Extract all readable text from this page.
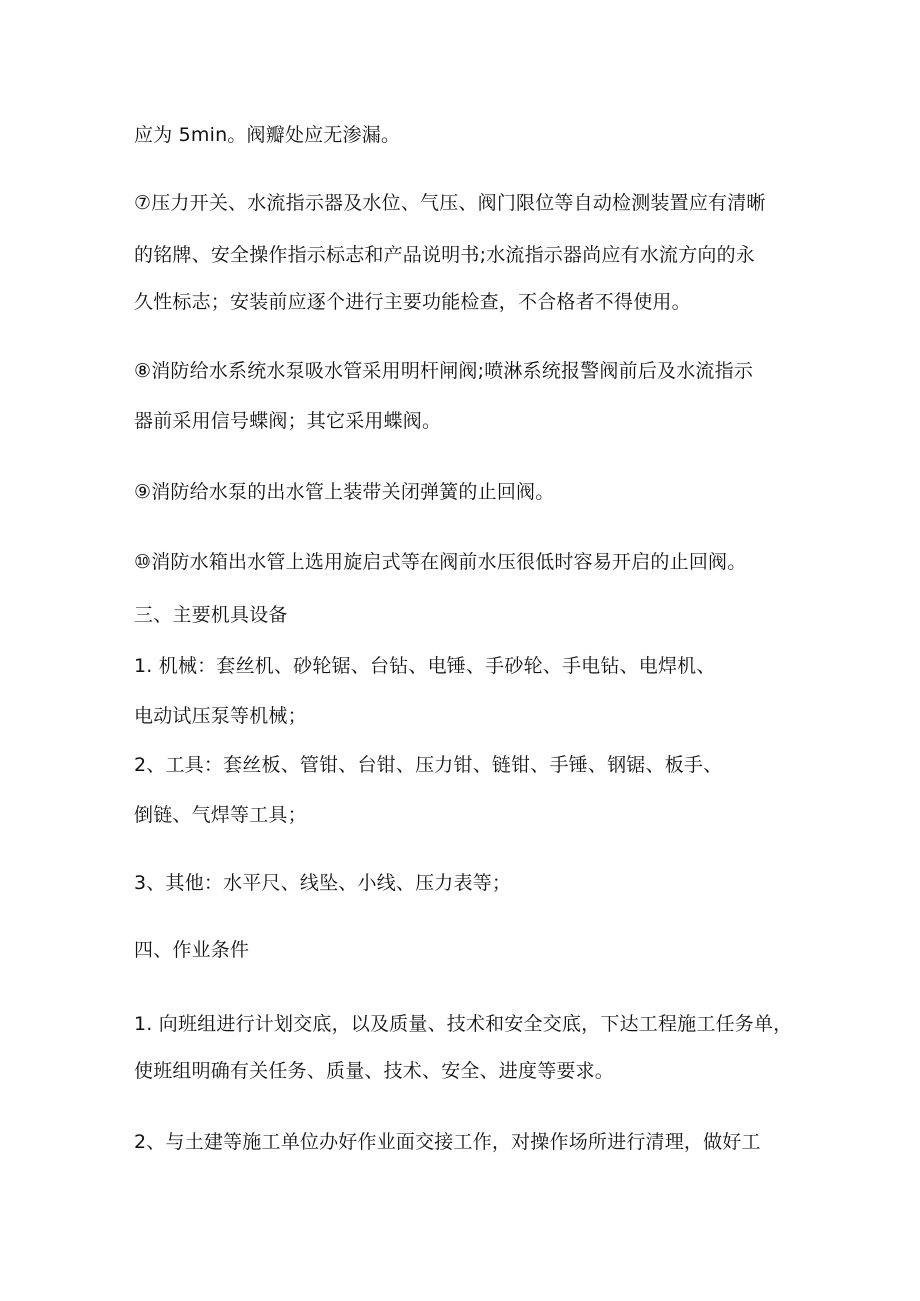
应为 5min。阀瓣处应无渗漏。
⑦压力开关、水流指示器及水位、气压、阀门限位等自动检测装置应有清晰
的铭牌、安全操作指示标志和产品说明书;水流指示器尚应有水流方向的永
久性标志；安装前应逐个进行主要功能检查，不合格者不得使用。
⑧消防给水系统水泵吸水管采用明杆闸阀;喷淋系统报警阀前后及水流指示
器前采用信号蝶阀；其它采用蝶阀。
⑨消防给水泵的出水管上装带关闭弹簧的止回阀。
⑩消防水箱出水管上选用旋启式等在阀前水压很低时容易开启的止回阀。
三、主要机具设备
1. 机械：套丝机、砂轮锯、台钻、电锤、手砂轮、手电钻、电焊机、
电动试压泵等机械；
2、工具：套丝板、管钳、台钳、压力钳、链钳、手锤、钢锯、板手、
倒链、气焊等工具；
3、其他：水平尺、线坠、小线、压力表等；
四、作业条件
1. 向班组进行计划交底，以及质量、技术和安全交底，下达工程施工任务单，
使班组明确有关任务、质量、技术、安全、进度等要求。
2、与土建等施工单位办好作业面交接工作，对操作场所进行清理，做好工
